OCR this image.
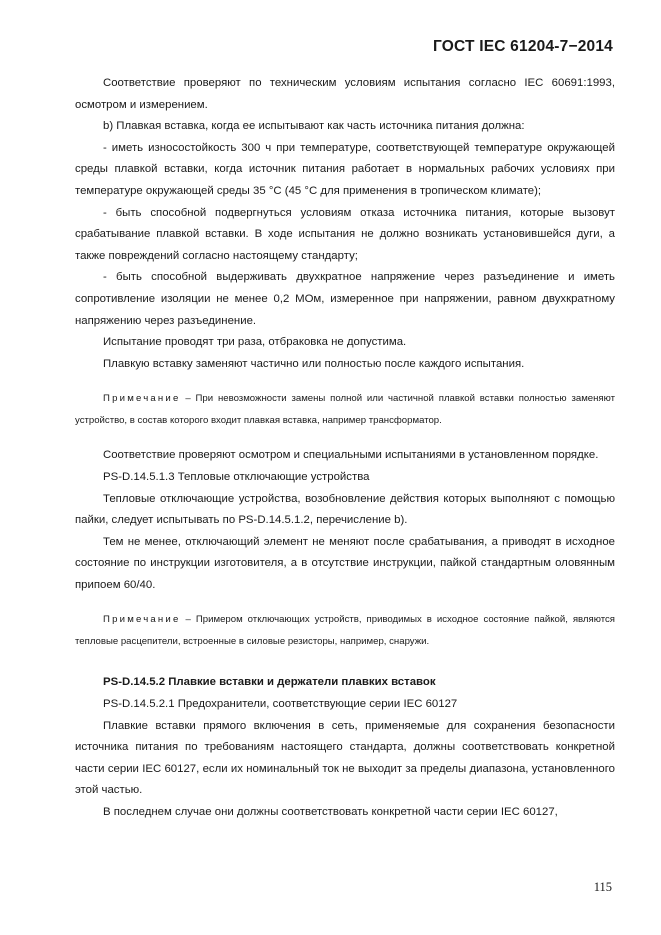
ГОСТ IEC 61204-7−2014

Соответствие проверяют по техническим условиям испытания согласно IEC 60691:1993, осмотром и измерением.

b) Плавкая вставка, когда ее испытывают как часть источника питания должна:

- иметь износостойкость 300 ч при температуре, соответствующей температуре окружающей среды плавкой вставки, когда источник питания работает в нормальных рабочих условиях при температуре окружающей среды 35 °С (45 °С для применения в тропическом климате);

- быть способной подвергнуться условиям отказа источника питания, которые вызовут срабатывание плавкой вставки. В ходе испытания не должно возникать установившейся дуги, а также повреждений согласно настоящему стандарту;

- быть способной выдерживать двухкратное напряжение через разъединение и иметь сопротивление изоляции не менее 0,2 МОм, измеренное при напряжении, равном двухкратному напряжению через разъединение.

Испытание проводят три раза, отбраковка не допустима.

Плавкую вставку заменяют частично или полностью после каждого испытания.

Примечание – При невозможности замены полной или частичной плавкой вставки полностью заменяют устройство, в состав которого входит плавкая вставка, например трансформатор.

Соответствие проверяют осмотром и специальными испытаниями в установленном порядке.

PS-D.14.5.1.3 Тепловые отключающие устройства

Тепловые отключающие устройства, возобновление действия которых выполняют с помощью пайки, следует испытывать по PS-D.14.5.1.2, перечисление b).

Тем не менее, отключающий элемент не меняют после срабатывания, а приводят в исходное состояние по инструкции изготовителя, а в отсутствие инструкции, пайкой стандартным оловянным припоем 60/40.

Примечание – Примером отключающих устройств, приводимых в исходное состояние пайкой, являются тепловые расцепители, встроенные в силовые резисторы, например, снаружи.

PS-D.14.5.2 Плавкие вставки и держатели плавких вставок

PS-D.14.5.2.1 Предохранители, соответствующие серии IEC 60127

Плавкие вставки прямого включения в сеть, применяемые для сохранения безопасности источника питания по требованиям настоящего стандарта, должны соответствовать конкретной части серии IEC 60127, если их номинальный ток не выходит за пределы диапазона, установленного этой частью.

В последнем случае они должны соответствовать конкретной части серии IEC 60127,

115
